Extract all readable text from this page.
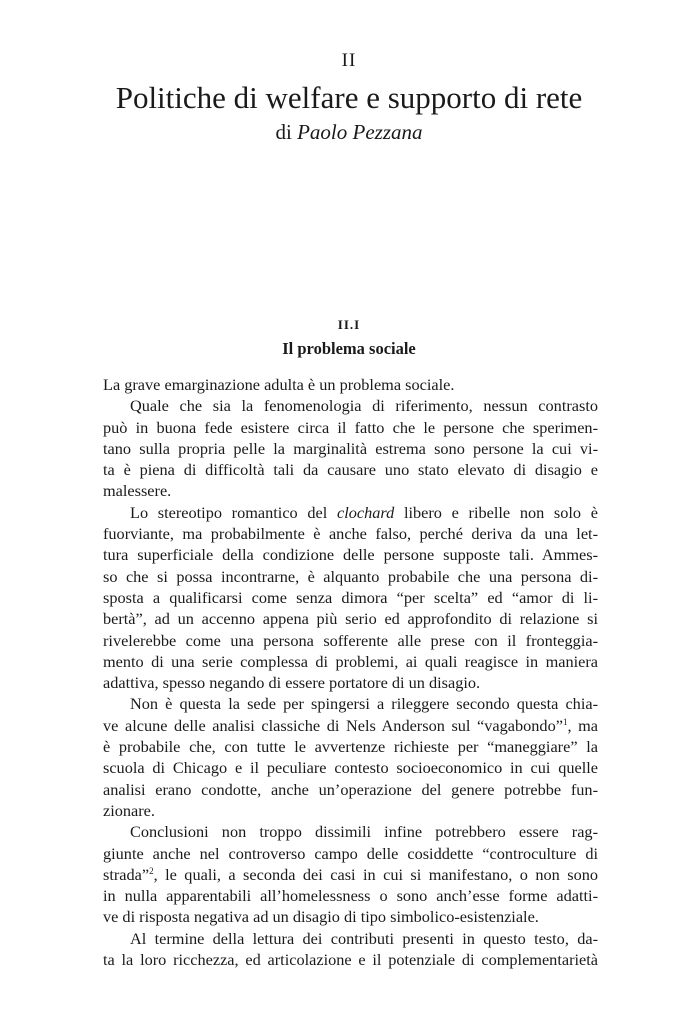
II
Politiche di welfare e supporto di rete
di Paolo Pezzana
II.I
Il problema sociale
La grave emarginazione adulta è un problema sociale.
Quale che sia la fenomenologia di riferimento, nessun contrasto
può in buona fede esistere circa il fatto che le persone che sperimen-
tano sulla propria pelle la marginalità estrema sono persone la cui vi-
ta è piena di difficoltà tali da causare uno stato elevato di disagio e
malessere.
Lo stereotipo romantico del clochard libero e ribelle non solo è
fuorviante, ma probabilmente è anche falso, perché deriva da una let-
tura superficiale della condizione delle persone supposte tali. Ammes-
so che si possa incontrarne, è alquanto probabile che una persona di-
sposta a qualificarsi come senza dimora “per scelta” ed “amor di li-
bertà”, ad un accenno appena più serio ed approfondito di relazione si
rivelerebbe come una persona sofferente alle prese con il fronteggia-
mento di una serie complessa di problemi, ai quali reagisce in maniera
adattiva, spesso negando di essere portatore di un disagio.
Non è questa la sede per spingersi a rileggere secondo questa chia-
ve alcune delle analisi classiche di Nels Anderson sul “vagabondo”$^1$, ma
è probabile che, con tutte le avvertenze richieste per “maneggiare” la
scuola di Chicago e il peculiare contesto socioeconomico in cui quelle
analisi erano condotte, anche un’operazione del genere potrebbe fun-
zionare.
Conclusioni non troppo dissimili infine potrebbero essere rag-
giunte anche nel controverso campo delle cosiddette “controculture di
strada”$^2$, le quali, a seconda dei casi in cui si manifestano, o non sono
in nulla apparentabili all’homelessness o sono anch’esse forme adatti-
ve di risposta negativa ad un disagio di tipo simbolico-esistenziale.
Al termine della lettura dei contributi presenti in questo testo, da-
ta la loro ricchezza, ed articolazione e il potenziale di complementarietà
